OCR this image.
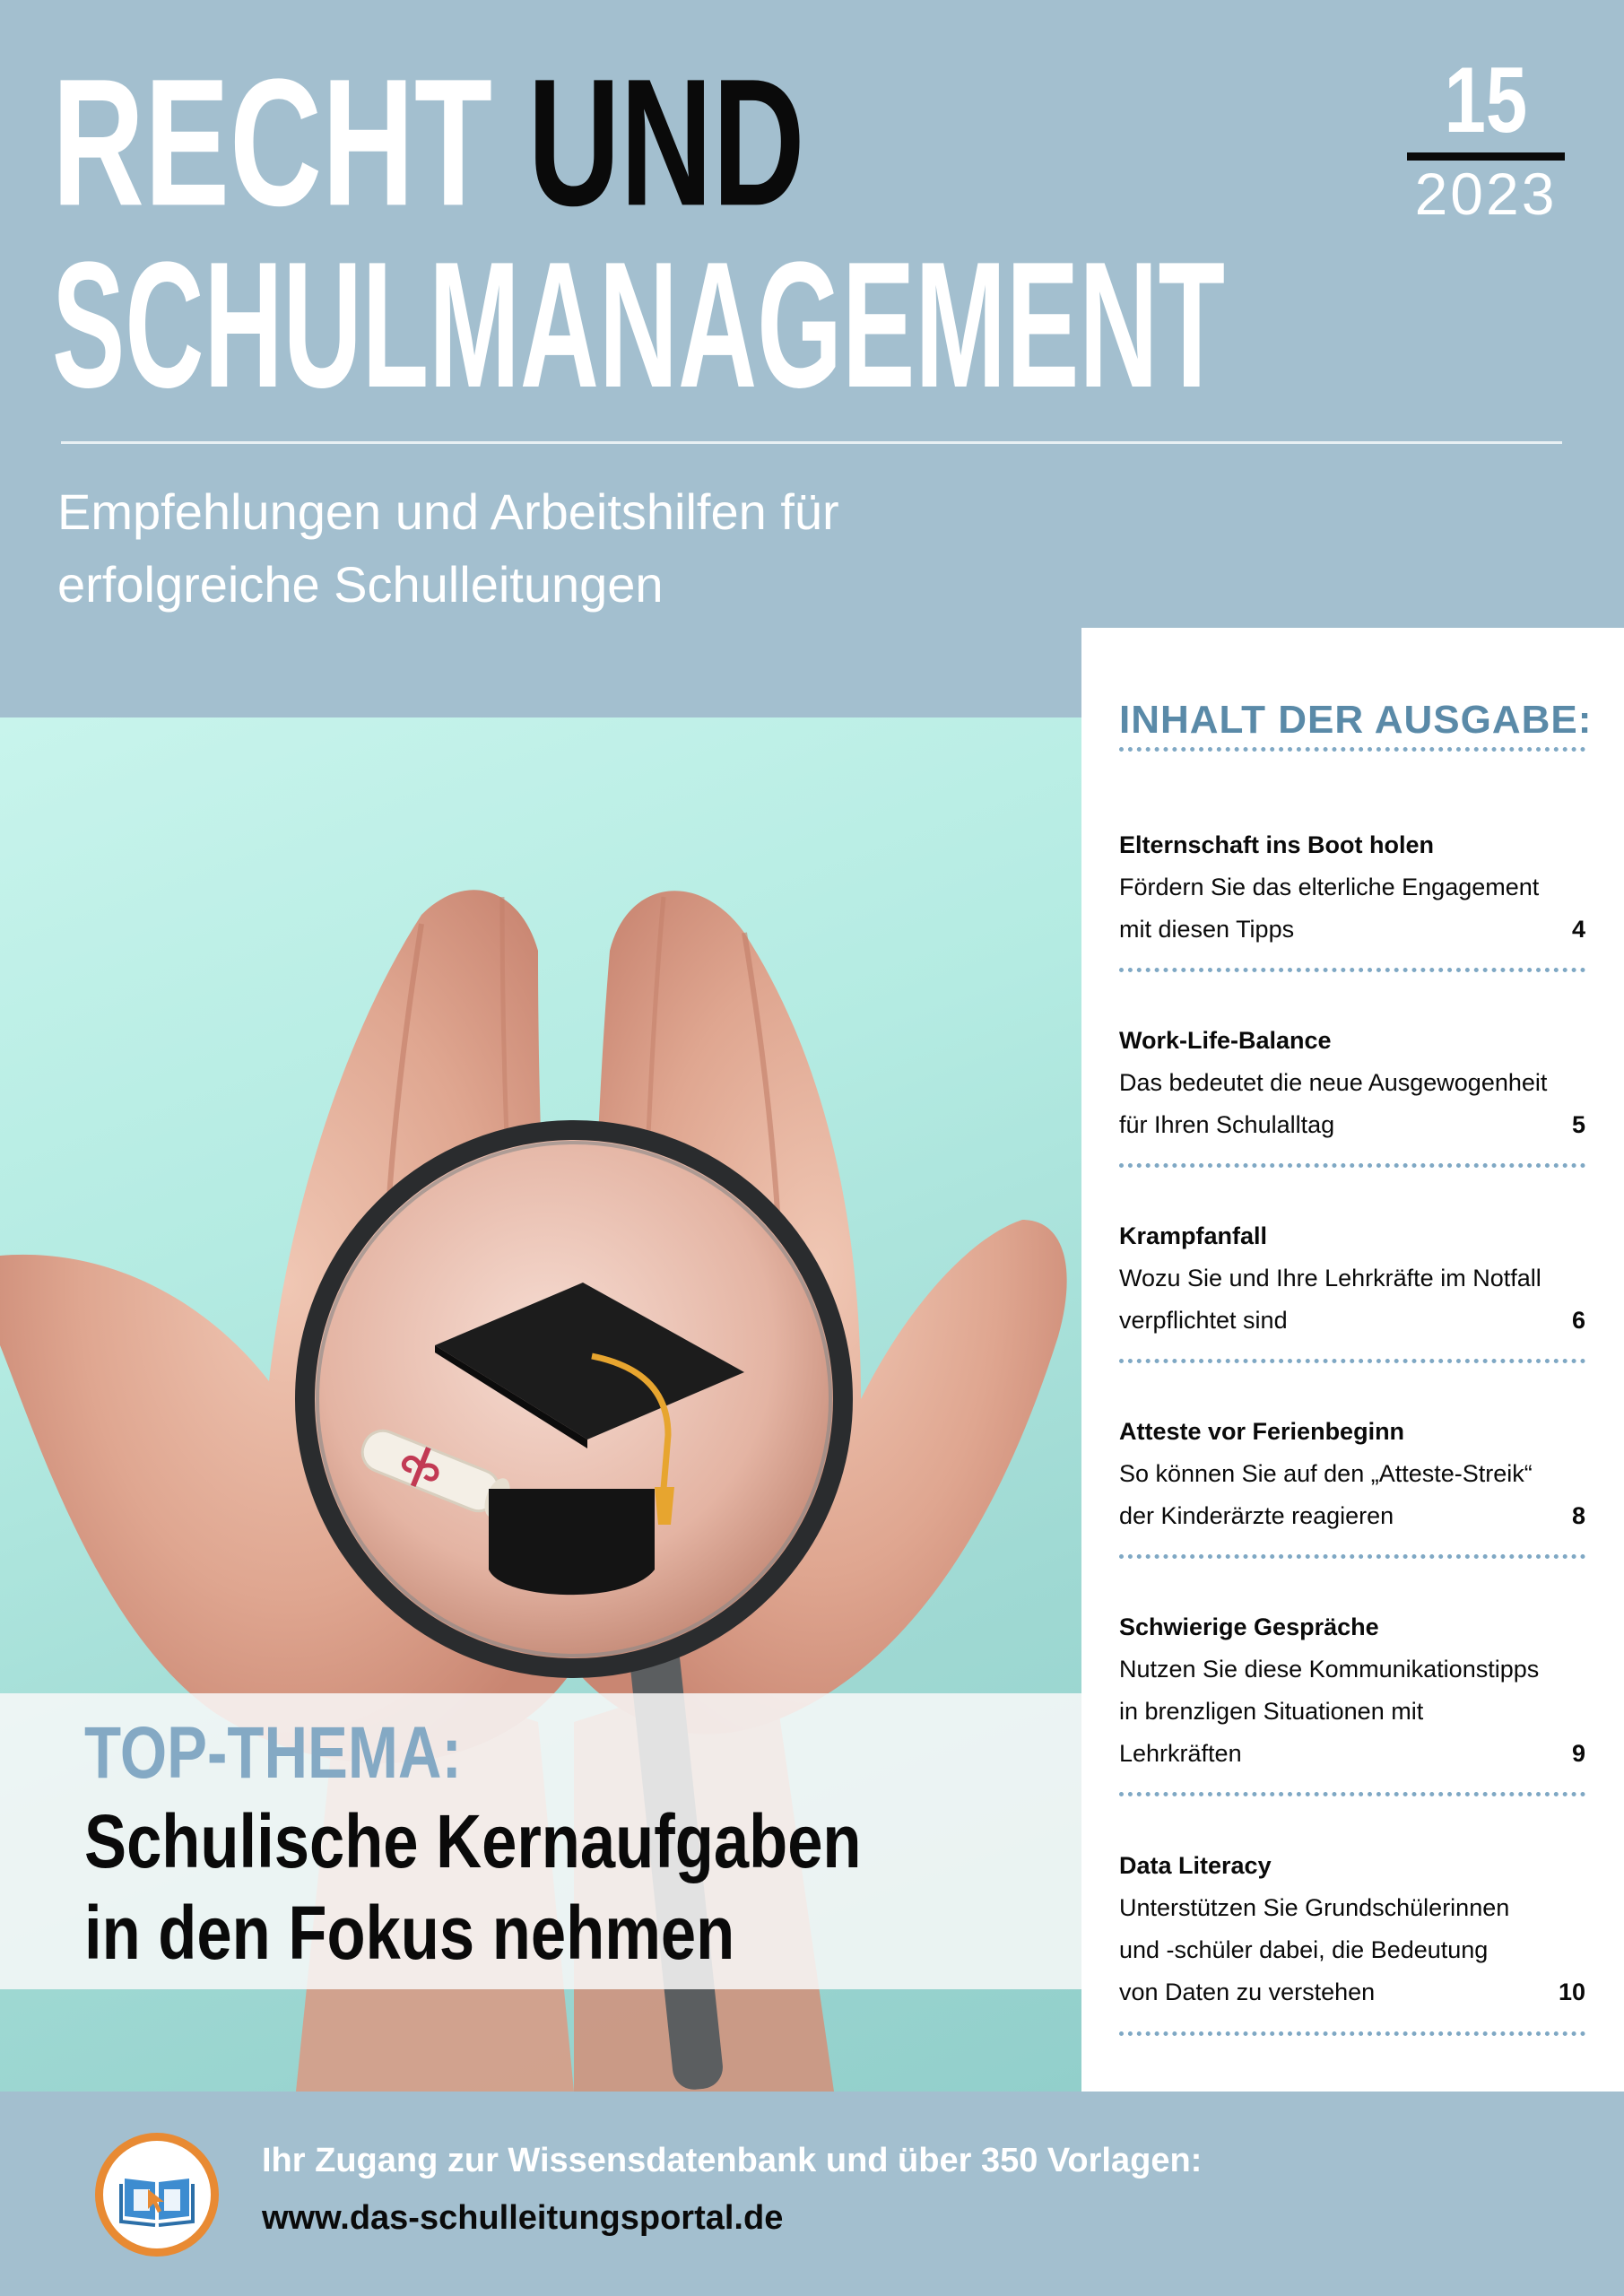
RECHT UND
SCHULMANAGEMENT
15
2023

Empfehlungen und Arbeitshilfen für
erfolgreiche Schulleitungen

TOP-THEMA:
Schulische Kernaufgaben
in den Fokus nehmen
INHALT DER AUSGABE:
Elternschaft ins Boot holen
Fördern Sie das elterliche Engagement
mit diesen Tipps	4
Work-Life-Balance
Das bedeutet die neue Ausgewogenheit
für Ihren Schulalltag	5
Krampfanfall
Wozu Sie und Ihre Lehrkräfte im Notfall
verpflichtet sind	6
Atteste vor Ferienbeginn
So können Sie auf den „Atteste-Streik“
der Kinderärzte reagieren	8
Schwierige Gespräche
Nutzen Sie diese Kommunikationstipps
in brenzligen Situationen mit
Lehrkräften	9
Data Literacy
Unterstützen Sie Grundschülerinnen
und -schüler dabei, die Bedeutung
von Daten zu verstehen	10

Ihr Zugang zur Wissensdatenbank und über 350 Vorlagen:

www.das-schulleitungsportal.de
